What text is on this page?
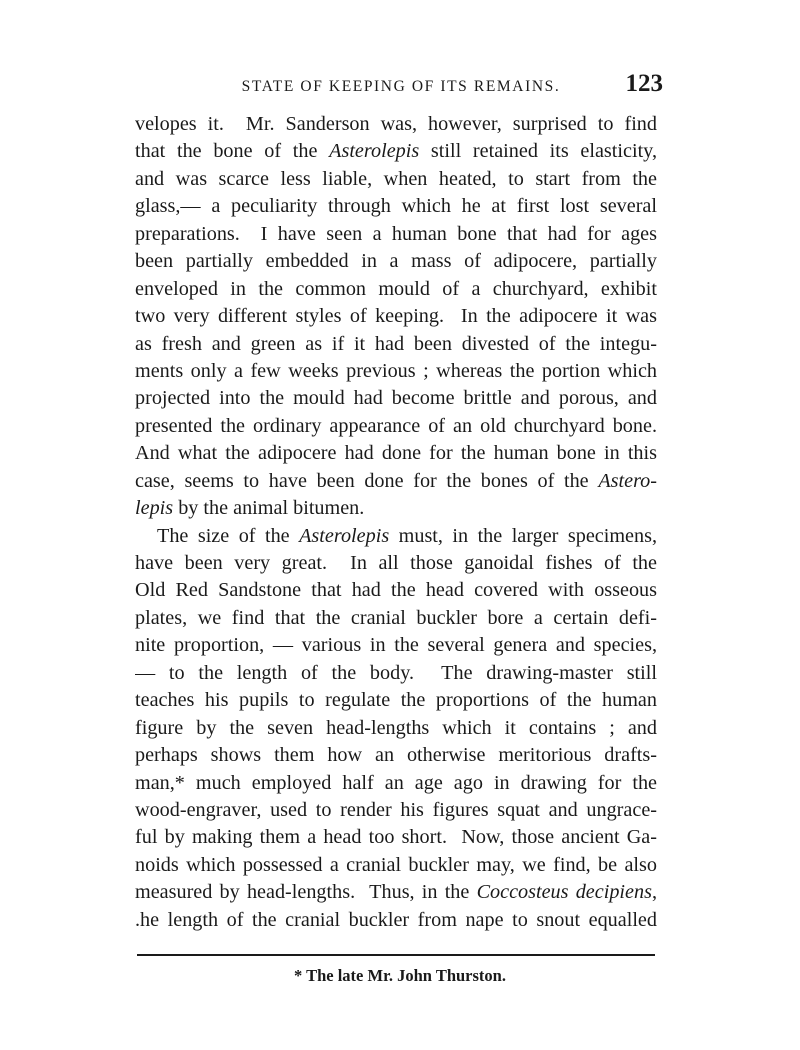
STATE OF KEEPING OF ITS REMAINS.	123
velopes it.  Mr. Sanderson was, however, surprised to find
that the bone of the Asterolepis still retained its elasticity,
and was scarce less liable, when heated, to start from the
glass,— a peculiarity through which he at first lost several
preparations.  I have seen a human bone that had for ages
been partially embedded in a mass of adipocere, partially
enveloped in the common mould of a churchyard, exhibit
two very different styles of keeping.  In the adipocere it was
as fresh and green as if it had been divested of the integu-
ments only a few weeks previous ; whereas the portion which
projected into the mould had become brittle and porous, and
presented the ordinary appearance of an old churchyard bone.
And what the adipocere had done for the human bone in this
case, seems to have been done for the bones of the Astero-
lepis by the animal bitumen.
The size of the Asterolepis must, in the larger specimens,
have been very great.  In all those ganoidal fishes of the
Old Red Sandstone that had the head covered with osseous
plates, we find that the cranial buckler bore a certain defi-
nite proportion, — various in the several genera and species,
— to the length of the body.  The drawing-master still
teaches his pupils to regulate the proportions of the human
figure by the seven head-lengths which it contains ; and
perhaps shows them how an otherwise meritorious drafts-
man,* much employed half an age ago in drawing for the
wood-engraver, used to render his figures squat and ungrace-
ful by making them a head too short.  Now, those ancient Ga-
noids which possessed a cranial buckler may, we find, be also
measured by head-lengths.  Thus, in the Coccosteus decipiens,
.he length of the cranial buckler from nape to snout equalled
* The late Mr. John Thurston.
